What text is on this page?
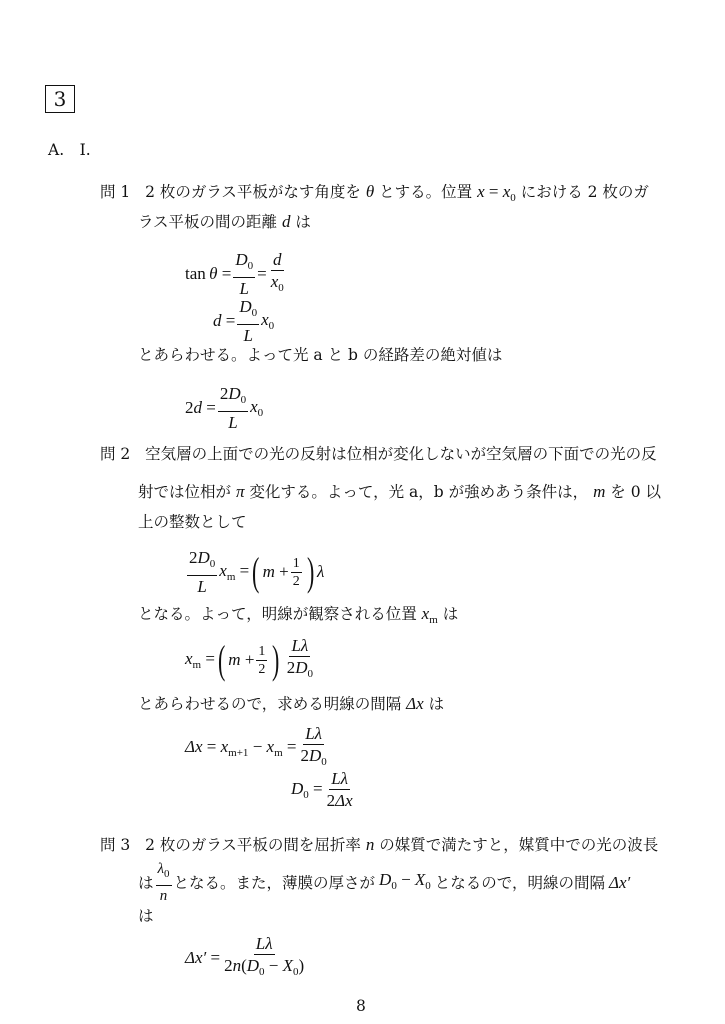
3
A.　I.
問 1 2 枚のガラス平板がなす角度を θ とする。位置 $x = x_0$ における 2 枚のガ
ラス平板の間の距離 d は
$\tan \theta = \frac{D_0}{L} = \frac{d}{x_0}$
$d = \frac{D_0}{L} x_0$
とあらわせる。よって光 a と b の経路差の絶対値は
$2d = \frac{2D_0}{L} x_0$
問 2 空気層の上面での光の反射は位相が変化しないが空気層の下面での光の反
射では位相が π 変化する。よって，光 a，b が強めあう条件は， m を 0 以
上の整数として
$\frac{2D_0}{L} x_m$ = ( $m + \frac{1}{2}$ ) λ
となる。よって，明線が観察される位置 $x_m$ は
$x_m$ = ( $m + \frac{1}{2}$ ) $\frac{L\lambda}{2D_0}$
とあらわせるので，求める明線の間隔 Δx は
$\Delta x = x_{m+1} - x_m = \frac{L\lambda}{2D_0}$
$D_0 = \frac{L\lambda}{2\Delta x}$
問 3 2 枚のガラス平板の間を屈折率 n の媒質で満たすと，媒質中での光の波長
は $\frac{\lambda_0}{n}$ となる。また，薄膜の厚さが $D_0 - X_0$ となるので，明線の間隔 Δx′
は
$\Delta x' = \frac{L\lambda}{2n(D_0 - X_0)}$
8
